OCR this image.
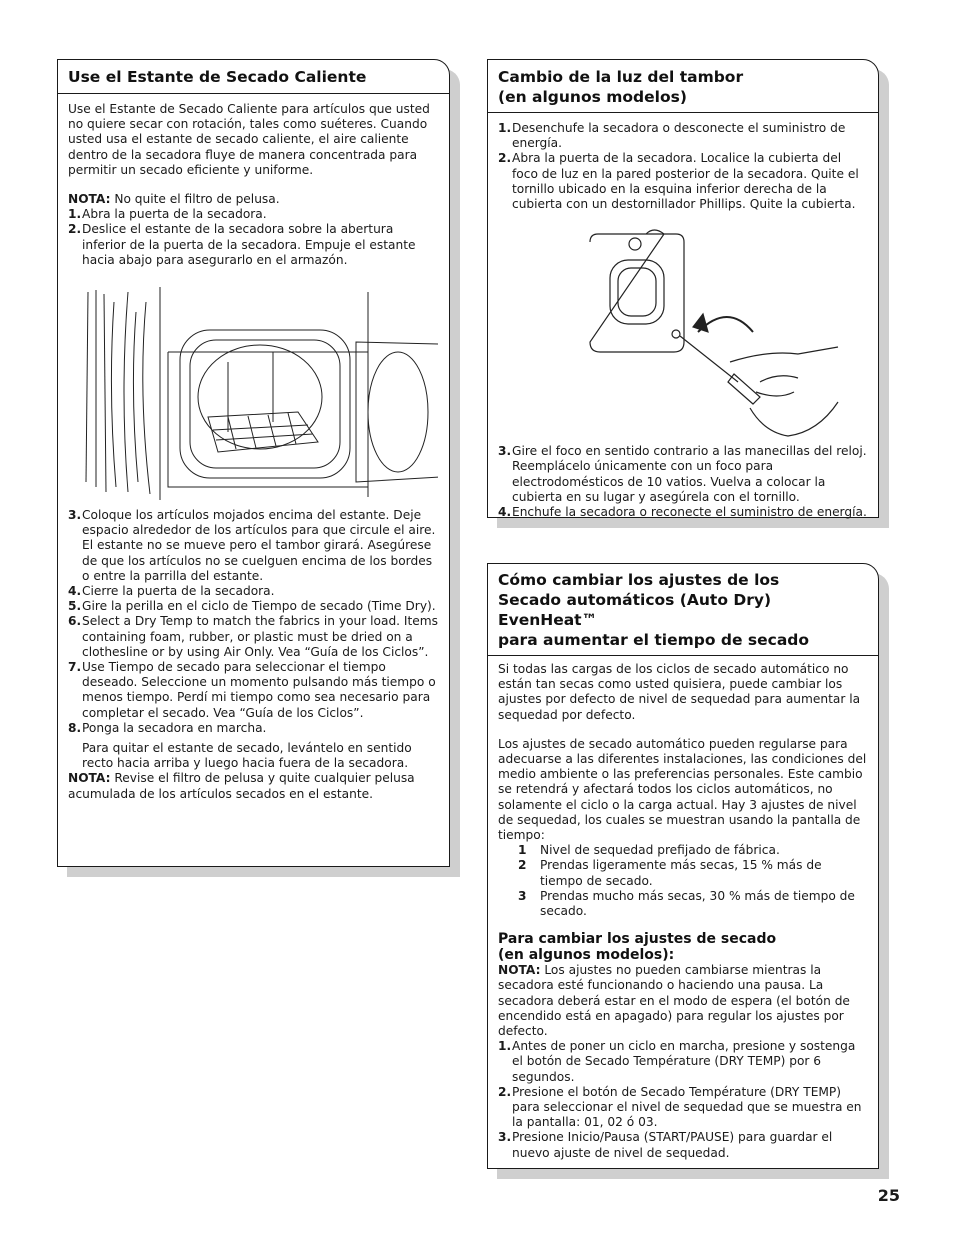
Use el Estante de Secado Caliente

Use el Estante de Secado Caliente para artículos que usted no quiere secar con rotación, tales como suéteres. Cuando usted usa el estante de secado caliente, el aire caliente dentro de la secadora fluye de manera concentrada para permitir un secado eficiente y uniforme.

NOTA: No quite el filtro de pelusa.

1. Abra la puerta de la secadora.
2. Deslice el estante de la secadora sobre la abertura inferior de la puerta de la secadora. Empuje el estante hacia abajo para asegurarlo en el armazón.
3. Coloque los artículos mojados encima del estante. Deje espacio alrededor de los artículos para que circule el aire. El estante no se mueve pero el tambor girará. Asegúrese de que los artículos no se cuelguen encima de los bordes o entre la parrilla del estante.
4. Cierre la puerta de la secadora.
5. Gire la perilla en el ciclo de Tiempo de secado (Time Dry).
6. Select a Dry Temp to match the fabrics in your load. Items containing foam, rubber, or plastic must be dried on a clothesline or by using Air Only. Vea “Guía de los Ciclos”.
7. Use Tiempo de secado para seleccionar el tiempo deseado. Seleccione un momento pulsando más tiempo o menos tiempo. Perdí mi tiempo como sea necesario para completar el secado. Vea “Guía de los Ciclos”.
8. Ponga la secadora en marcha.

Para quitar el estante de secado, levántelo en sentido recto hacia arriba y luego hacia fuera de la secadora.

NOTA: Revise el filtro de pelusa y quite cualquier pelusa acumulada de los artículos secados en el estante.

Cambio de la luz del tambor
(en algunos modelos)
1. Desenchufe la secadora o desconecte el suministro de energía.
2. Abra la puerta de la secadora. Localice la cubierta del foco de luz en la pared posterior de la secadora. Quite el tornillo ubicado en la esquina inferior derecha de la cubierta con un destornillador Phillips. Quite la cubierta.
3. Gire el foco en sentido contrario a las manecillas del reloj. Reemplácelo únicamente con un foco para electrodomésticos de 10 vatios. Vuelva a colocar la cubierta en su lugar y asegúrela con el tornillo.
4. Enchufe la secadora o reconecte el suministro de energía.
Cómo cambiar los ajustes de los
Secado automáticos (Auto Dry) EvenHeat™
para aumentar el tiempo de secado

Si todas las cargas de los ciclos de secado automático no están tan secas como usted quisiera, puede cambiar los ajustes por defecto de nivel de sequedad para aumentar la sequedad por defecto.

Los ajustes de secado automático pueden regularse para adecuarse a las diferentes instalaciones, las condiciones del medio ambiente o las preferencias personales. Este cambio se retendrá y afectará todos los ciclos automáticos, no solamente el ciclo o la carga actual. Hay 3 ajustes de nivel de sequedad, los cuales se muestran usando la pantalla de tiempo:

1	Nivel de sequedad prefijado de fábrica.
2	Prendas ligeramente más secas, 15 % más de tiempo de secado.
3	Prendas mucho más secas, 30 % más de tiempo de secado.
Para cambiar los ajustes de secado
(en algunos modelos):

NOTA: Los ajustes no pueden cambiarse mientras la secadora esté funcionando o haciendo una pausa. La secadora deberá estar en el modo de espera (el botón de encendido está en apagado) para regular los ajustes por defecto.

1. Antes de poner un ciclo en marcha, presione y sostenga el botón de Secado Température (DRY TEMP) por 6 segundos.
2. Presione el botón de Secado Température (DRY TEMP) para seleccionar el nivel de sequedad que se muestra en la pantalla: 01, 02 ó 03.
3. Presione Inicio/Pausa (START/PAUSE) para guardar el nuevo ajuste de nivel de sequedad.
25
